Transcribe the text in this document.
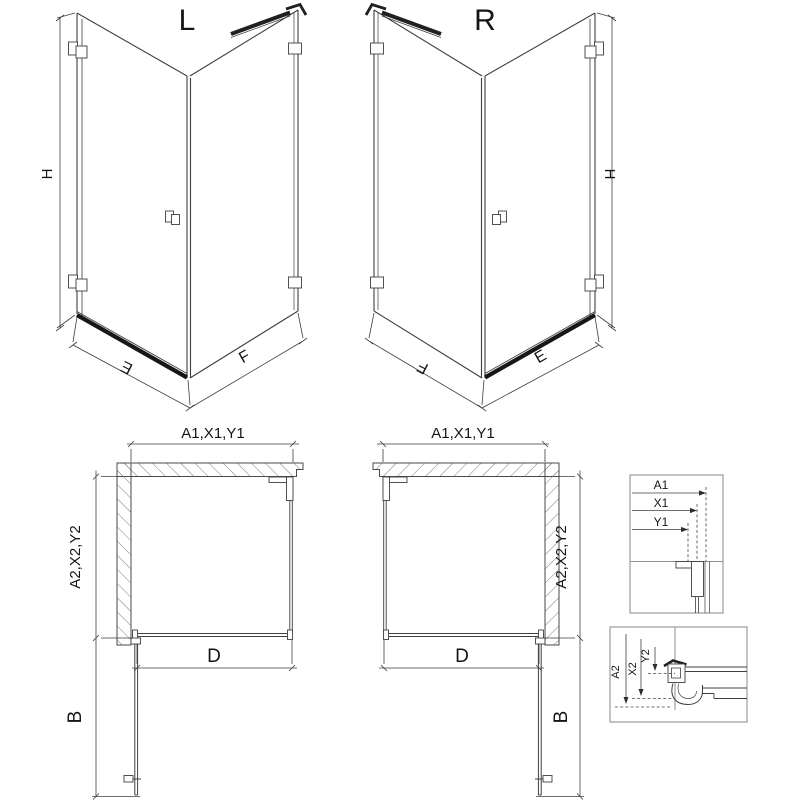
L
H
E	F
R
H
F	E
A1,X1,Y1
A2,X2,Y2
D
B
A1,X1,Y1
A2,X2,Y2
D
B
A1
X1
Y1
Y2
X2
A2
